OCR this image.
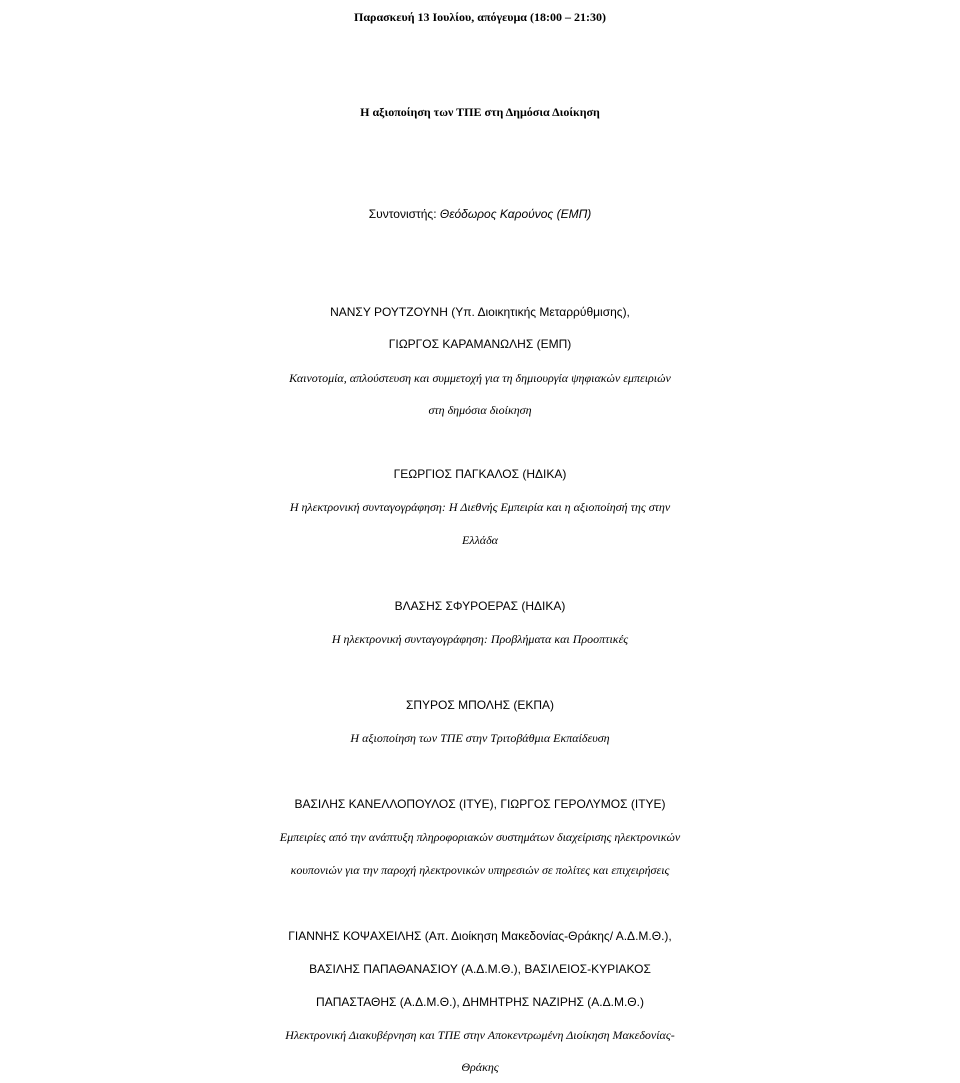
Παρασκευή 13 Ιουλίου, απόγευμα (18:00 – 21:30)
Η αξιοποίηση των ΤΠΕ στη Δημόσια Διοίκηση
Συντονιστής: Θεόδωρος Καρούνος (ΕΜΠ)
ΝΑΝΣΥ ΡΟΥΤΖΟΥΝΗ (Υπ. Διοικητικής Μεταρρύθμισης),
ΓΙΩΡΓΟΣ ΚΑΡΑΜΑΝΩΛΗΣ (ΕΜΠ)
Καινοτομία, απλούστευση και συμμετοχή για τη δημιουργία ψηφιακών εμπειριών
στη δημόσια διοίκηση
ΓΕΩΡΓΙΟΣ ΠΑΓΚΑΛΟΣ (ΗΔΙΚΑ)
Η ηλεκτρονική συνταγογράφηση: Η Διεθνής Εμπειρία και η αξιοποίησή της στην
Ελλάδα
ΒΛΑΣΗΣ ΣΦΥΡΟΕΡΑΣ (ΗΔΙΚΑ)
Η ηλεκτρονική συνταγογράφηση: Προβλήματα και Προοπτικές
ΣΠΥΡΟΣ ΜΠΟΛΗΣ (ΕΚΠΑ)
Η αξιοποίηση των ΤΠΕ στην Τριτοβάθμια Εκπαίδευση
ΒΑΣΙΛΗΣ ΚΑΝΕΛΛΟΠΟΥΛΟΣ (ΙΤΥΕ), ΓΙΩΡΓΟΣ ΓΕΡΟΛΥΜΟΣ (ΙΤΥΕ)
Εμπειρίες από την ανάπτυξη πληροφοριακών συστημάτων διαχείρισης ηλεκτρονικών
κουπονιών για την παροχή ηλεκτρονικών υπηρεσιών σε πολίτες και επιχειρήσεις
ΓΙΑΝΝΗΣ ΚΟΨΑΧΕΙΛΗΣ (Απ. Διοίκηση Μακεδονίας-Θράκης/ Α.Δ.Μ.Θ.),
ΒΑΣΙΛΗΣ ΠΑΠΑΘΑΝΑΣΙΟΥ (Α.Δ.Μ.Θ.), ΒΑΣΙΛΕΙΟΣ-ΚΥΡΙΑΚΟΣ
ΠΑΠΑΣΤΑΘΗΣ (Α.Δ.Μ.Θ.), ΔΗΜΗΤΡΗΣ ΝΑΖΙΡΗΣ (Α.Δ.Μ.Θ.)
Ηλεκτρονική Διακυβέρνηση και ΤΠΕ στην Αποκεντρωμένη Διοίκηση Μακεδονίας-
Θράκης
